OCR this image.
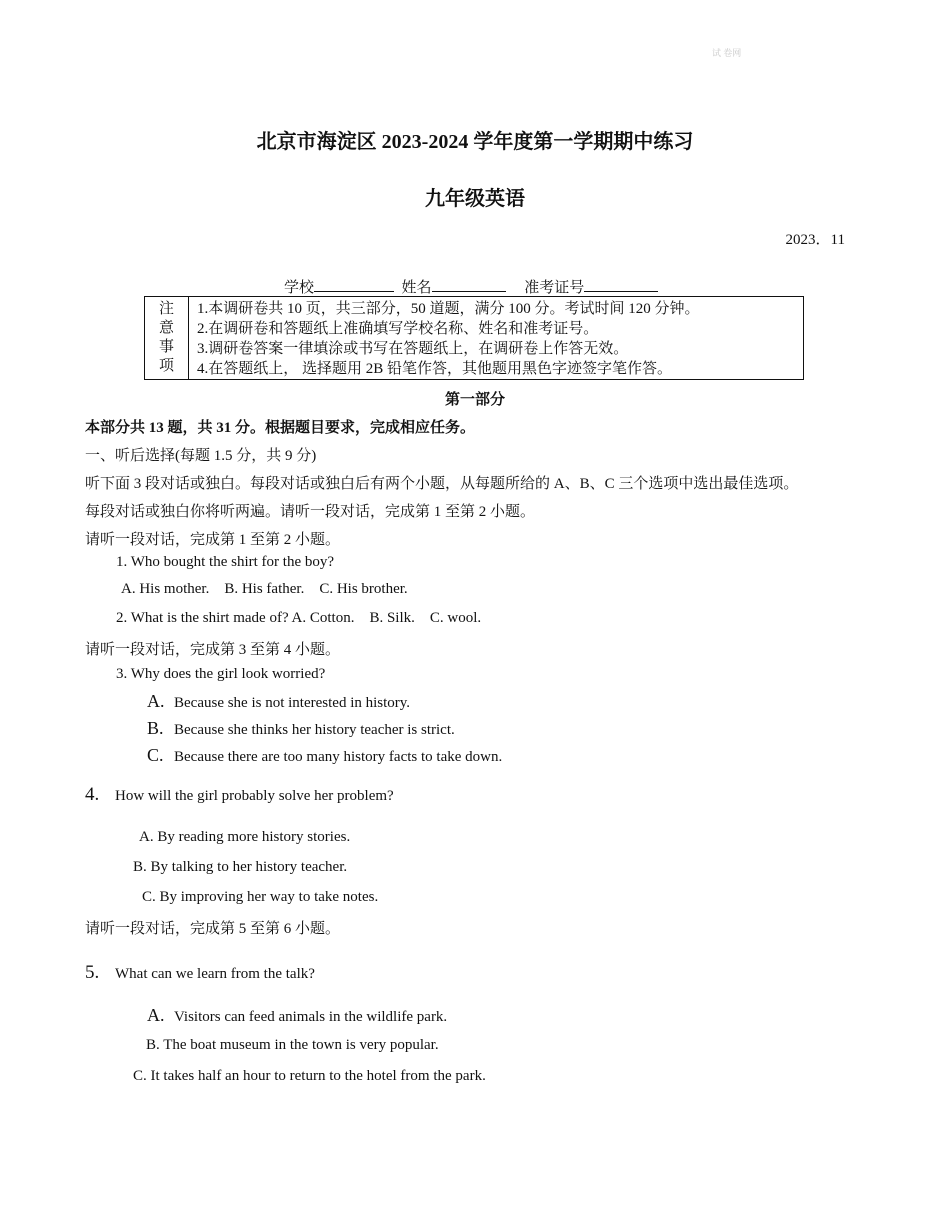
试 卷网
北京市海淀区 2023-2024 学年度第一学期期中练习
九年级英语
2023．11
学校	姓名	准考证号
注
意
事
项
1.本调研卷共 10 页，共三部分，50 道题，满分 100 分。考试时间 120 分钟。
2.在调研卷和答题纸上准确填写学校名称、姓名和准考证号。
3.调研卷答案一律填涂或书写在答题纸上，在调研卷上作答无效。
4.在答题纸上， 选择题用 2B 铅笔作答，其他题用黑色字迹签字笔作答。
第一部分
本部分共 13 题，共 31 分。根据题目要求，完成相应任务。
一、听后选择(每题 1.5 分，共 9 分)
听下面 3 段对话或独白。每段对话或独白后有两个小题，从每题所给的 A、B、C 三个选项中选出最佳选项。
每段对话或独白你将听两遍。请听一段对话，完成第 1 至第 2 小题。
请听一段对话，完成第 1 至第 2 小题。
1. Who bought the shirt for the boy?
A. His mother.    B. His father.    C. His brother.
2. What is the shirt made of? A. Cotton.    B. Silk.    C. wool.
请听一段对话，完成第 3 至第 4 小题。
3. Why does the girl look worried?
A. Because she is not interested in history.
B. Because she thinks her history teacher is strict.
C. Because there are too many history facts to take down.
4. How will the girl probably solve her problem?
A. By reading more history stories.
B. By talking to her history teacher.
C. By improving her way to take notes.
请听一段对话，完成第 5 至第 6 小题。
5. What can we learn from the talk?
A. Visitors can feed animals in the wildlife park.
B. The boat museum in the town is very popular.
C. It takes half an hour to return to the hotel from the park.
